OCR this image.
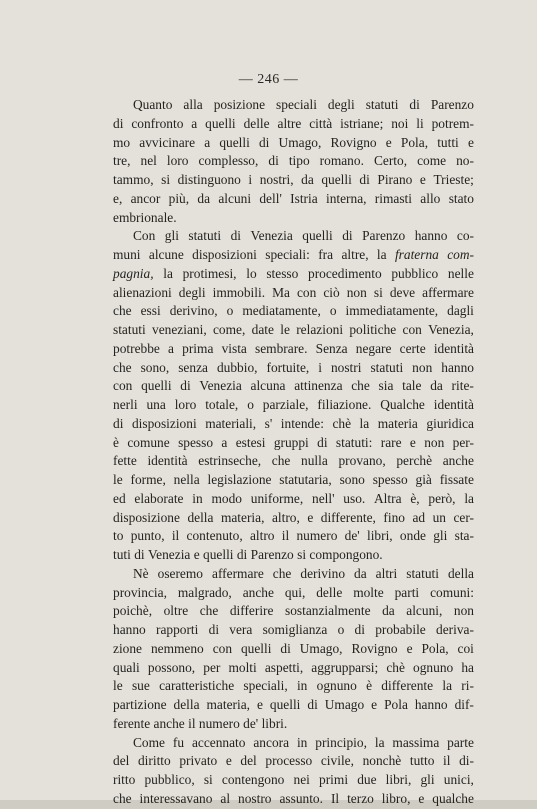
— 246 —
Quanto alla posizione speciali degli statuti di Parenzo
di confronto a quelli delle altre città istriane; noi li potrem-
mo avvicinare a quelli di Umago, Rovigno e Pola, tutti e
tre, nel loro complesso, di tipo romano. Certo, come no-
tammo, si distinguono i nostri, da quelli di Pirano e Trieste;
e, ancor più, da alcuni dell' Istria interna, rimasti allo stato
embrionale.
Con gli statuti di Venezia quelli di Parenzo hanno co-
muni alcune disposizioni speciali: fra altre, la fraterna com-
pagnia, la protimesi, lo stesso procedimento pubblico nelle
alienazioni degli immobili. Ma con ciò non si deve affermare
che essi derivino, o mediatamente, o immediatamente, dagli
statuti veneziani, come, date le relazioni politiche con Venezia,
potrebbe a prima vista sembrare. Senza negare certe identità
che sono, senza dubbio, fortuite, i nostri statuti non hanno
con quelli di Venezia alcuna attinenza che sia tale da rite-
nerli una loro totale, o parziale, filiazione. Qualche identità
di disposizioni materiali, s' intende: chè la materia giuridica
è comune spesso a estesi gruppi di statuti: rare e non per-
fette identità estrinseche, che nulla provano, perchè anche
le forme, nella legislazione statutaria, sono spesso già fissate
ed elaborate in modo uniforme, nell' uso. Altra è, però, la
disposizione della materia, altro, e differente, fino ad un cer-
to punto, il contenuto, altro il numero de' libri, onde gli sta-
tuti di Venezia e quelli di Parenzo si compongono.
Nè oseremo affermare che derivino da altri statuti della
provincia, malgrado, anche qui, delle molte parti comuni:
poichè, oltre che differire sostanzialmente da alcuni, non
hanno rapporti di vera somiglianza o di probabile deriva-
zione nemmeno con quelli di Umago, Rovigno e Pola, coi
quali possono, per molti aspetti, aggrupparsi; chè ognuno ha
le sue caratteristiche speciali, in ognuno è differente la ri-
partizione della materia, e quelli di Umago e Pola hanno dif-
ferente anche il numero de' libri.
Come fu accennato ancora in principio, la massima parte
del diritto privato e del processo civile, nonchè tutto il di-
ritto pubblico, si contengono nei primi due libri, gli unici,
che interessavano al nostro assunto. Il terzo libro, e qualche
